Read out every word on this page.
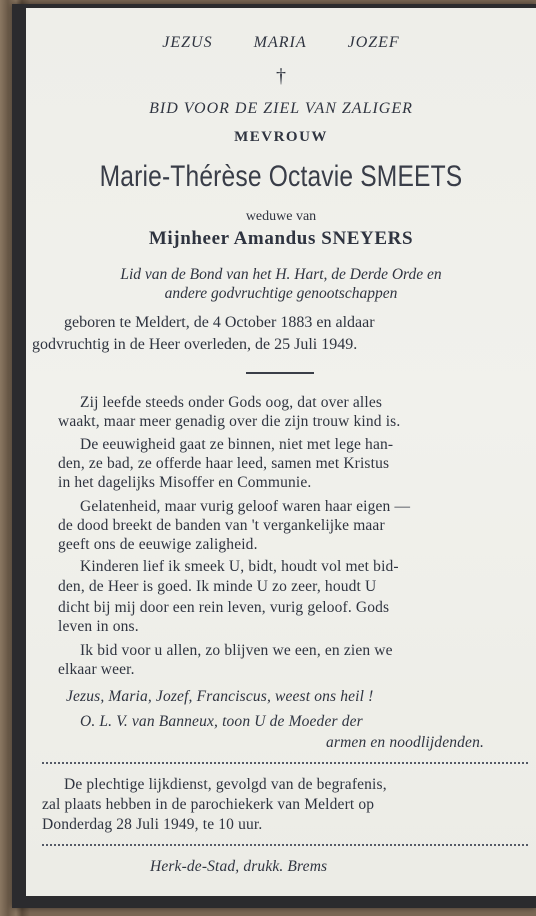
JEZUS	MARIA	JOZEF
†
BID VOOR DE ZIEL VAN ZALIGER
MEVROUW
Marie-Thérèse Octavie SMEETS
weduwe van
Mijnheer Amandus SNEYERS
Lid van de Bond van het H. Hart, de Derde Orde en
andere godvruchtige genootschappen
geboren te Meldert, de 4 October 1883 en aldaar
godvruchtig in de Heer overleden, de 25 Juli 1949.
Zij leefde steeds onder Gods oog, dat over alles
waakt, maar meer genadig over die zijn trouw kind is.
De eeuwigheid gaat ze binnen, niet met lege han-
den, ze bad, ze offerde haar leed, samen met Kristus
in het dagelijks Misoffer en Communie.
Gelatenheid, maar vurig geloof waren haar eigen —
de dood breekt de banden van 't vergankelijke maar
geeft ons de eeuwige zaligheid.
Kinderen lief ik smeek U, bidt, houdt vol met bid-
den, de Heer is goed. Ik minde U zo zeer, houdt U
dicht bij mij door een rein leven, vurig geloof. Gods
leven in ons.
Ik bid voor u allen, zo blijven we een, en zien we
elkaar weer.
Jezus, Maria, Jozef, Franciscus, weest ons heil !
O. L. V. van Banneux, toon U de Moeder der
armen en noodlijdenden.
De plechtige lijkdienst, gevolgd van de begrafenis,
zal plaats hebben in de parochiekerk van Meldert op
Donderdag 28 Juli 1949, te 10 uur.
Herk-de-Stad, drukk. Brems
